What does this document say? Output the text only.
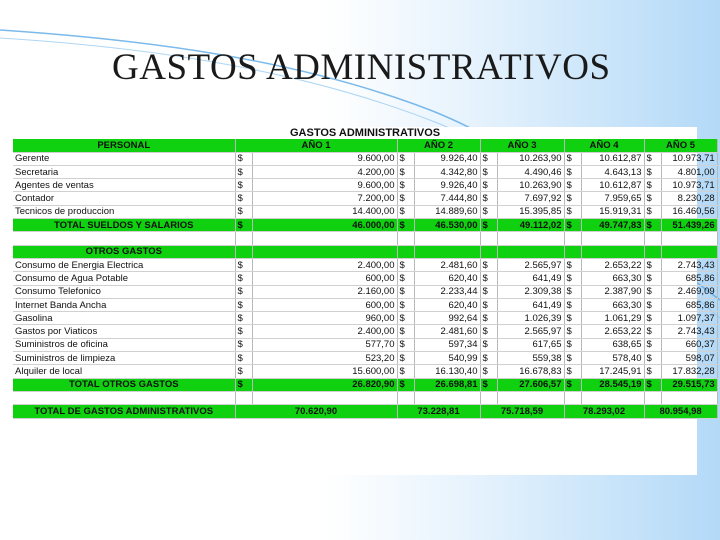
GASTOS ADMINISTRATIVOS
GASTOS ADMINISTRATIVOS										
PERSONAL	AÑO 1		AÑO 2		AÑO 3		AÑO 4		AÑO 5	
Gerente	$	9.600,00	$	9.926,40	$	10.263,90	$	10.612,87	$	10.973,71
Secretaria	$	4.200,00	$	4.342,80	$	4.490,46	$	4.643,13	$	4.801,00
Agentes de ventas	$	9.600,00	$	9.926,40	$	10.263,90	$	10.612,87	$	10.973,71
Contador	$	7.200,00	$	7.444,80	$	7.697,92	$	7.959,65	$	8.230,28
Tecnicos de produccion	$	14.400,00	$	14.889,60	$	15.395,85	$	15.919,31	$	16.460,56
TOTAL SUELDOS Y SALARIOS	$	46.000,00	$	46.530,00	$	49.112,02	$	49.747,83	$	51.439,26

OTROS GASTOS										
Consumo de Energia Electrica	$	2.400,00	$	2.481,60	$	2.565,97	$	2.653,22	$	2.743,43
Consumo de Agua Potable	$	600,00	$	620,40	$	641,49	$	663,30	$	685,86
Consumo Telefonico	$	2.160,00	$	2.233,44	$	2.309,38	$	2.387,90	$	2.469,09
Internet Banda Ancha	$	600,00	$	620,40	$	641,49	$	663,30	$	685,86
Gasolina	$	960,00	$	992,64	$	1.026,39	$	1.061,29	$	1.097,37
Gastos por Viaticos	$	2.400,00	$	2.481,60	$	2.565,97	$	2.653,22	$	2.743,43
Suministros de oficina	$	577,70	$	597,34	$	617,65	$	638,65	$	660,37
Suministros de limpieza	$	523,20	$	540,99	$	559,38	$	578,40	$	598,07
Alquiler de local	$	15.600,00	$	16.130,40	$	16.678,83	$	17.245,91	$	17.832,28
TOTAL OTROS GASTOS	$	26.820,90	$	26.698,81	$	27.606,57	$	28.545,19	$	29.515,73

TOTAL DE GASTOS ADMINISTRATIVOS	70.620,90		73.228,81		75.718,59		78.293,02		80.954,98	
